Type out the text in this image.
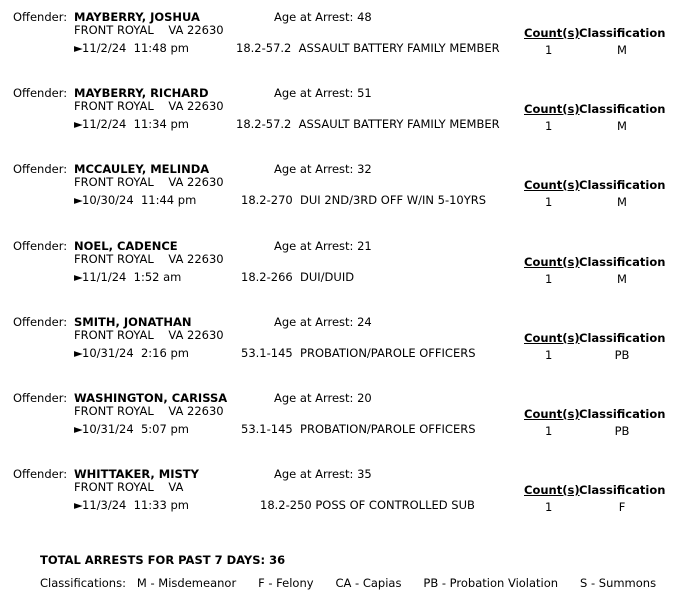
Offender: MAYBERRY, JOSHUA	Age at Arrest: 48
FRONT ROYAL    VA 22630
►11/2/24 11:48 pm	18.2-57.2  ASSAULT BATTERY FAMILY MEMBER
Count(s) Classification
1	M
Offender: MAYBERRY, RICHARD	Age at Arrest: 51
FRONT ROYAL    VA 22630
►11/2/24 11:34 pm	18.2-57.2  ASSAULT BATTERY FAMILY MEMBER
Count(s) Classification
1	M
Offender: MCCAULEY, MELINDA	Age at Arrest: 32
FRONT ROYAL    VA 22630
►10/30/24 11:44 pm	18.2-270  DUI 2ND/3RD OFF W/IN 5-10YRS
Count(s) Classification
1	M
Offender: NOEL, CADENCE	Age at Arrest: 21
FRONT ROYAL    VA 22630
►11/1/24 1:52 am	18.2-266  DUI/DUID
Count(s) Classification
1	M
Offender: SMITH, JONATHAN	Age at Arrest: 24
FRONT ROYAL    VA 22630
►10/31/24 2:16 pm	53.1-145  PROBATION/PAROLE OFFICERS
Count(s) Classification
1	PB
Offender: WASHINGTON, CARISSA	Age at Arrest: 20
FRONT ROYAL    VA 22630
►10/31/24 5:07 pm	53.1-145  PROBATION/PAROLE OFFICERS
Count(s) Classification
1	PB
Offender: WHITTAKER, MISTY	Age at Arrest: 35
FRONT ROYAL    VA
►11/3/24 11:33 pm	18.2-250 POSS OF CONTROLLED SUB
Count(s) Classification
1	F
TOTAL ARRESTS FOR PAST 7 DAYS: 36
Classifications:   M - Misdemeanor      F - Felony      CA - Capias      PB - Probation Violation      S - Summons
